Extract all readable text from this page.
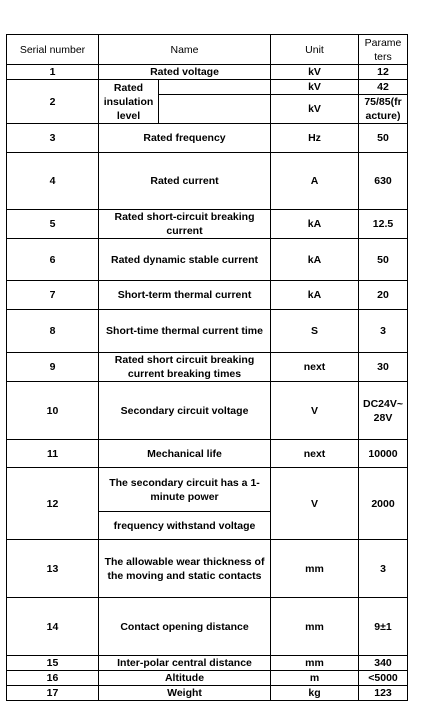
Serial number	Name		Unit	Parame ters
1	Rated voltage		kV	12
2	Rated insulation level		kV	42
			kV	75/85(fr acture)
3	Rated frequency		Hz	50
4	Rated current		A	630
5	Rated short-circuit breaking current		kA	12.5
6	Rated dynamic stable current		kA	50
7	Short-term thermal current		kA	20
8	Short-time thermal current time		S	3
9	Rated short circuit breaking current breaking times		next	30
10	Secondary circuit voltage		V	DC24V~ 28V
11	Mechanical life		next	10000
12	The secondary circuit has a 1-minute power		V	2000
	frequency withstand voltage			
13	The allowable wear thickness of the moving and static contacts		mm	3
14	Contact opening distance		mm	9±1
15	Inter-polar central distance		mm	340
16	Altitude		m	<5000
17	Weight		kg	123
